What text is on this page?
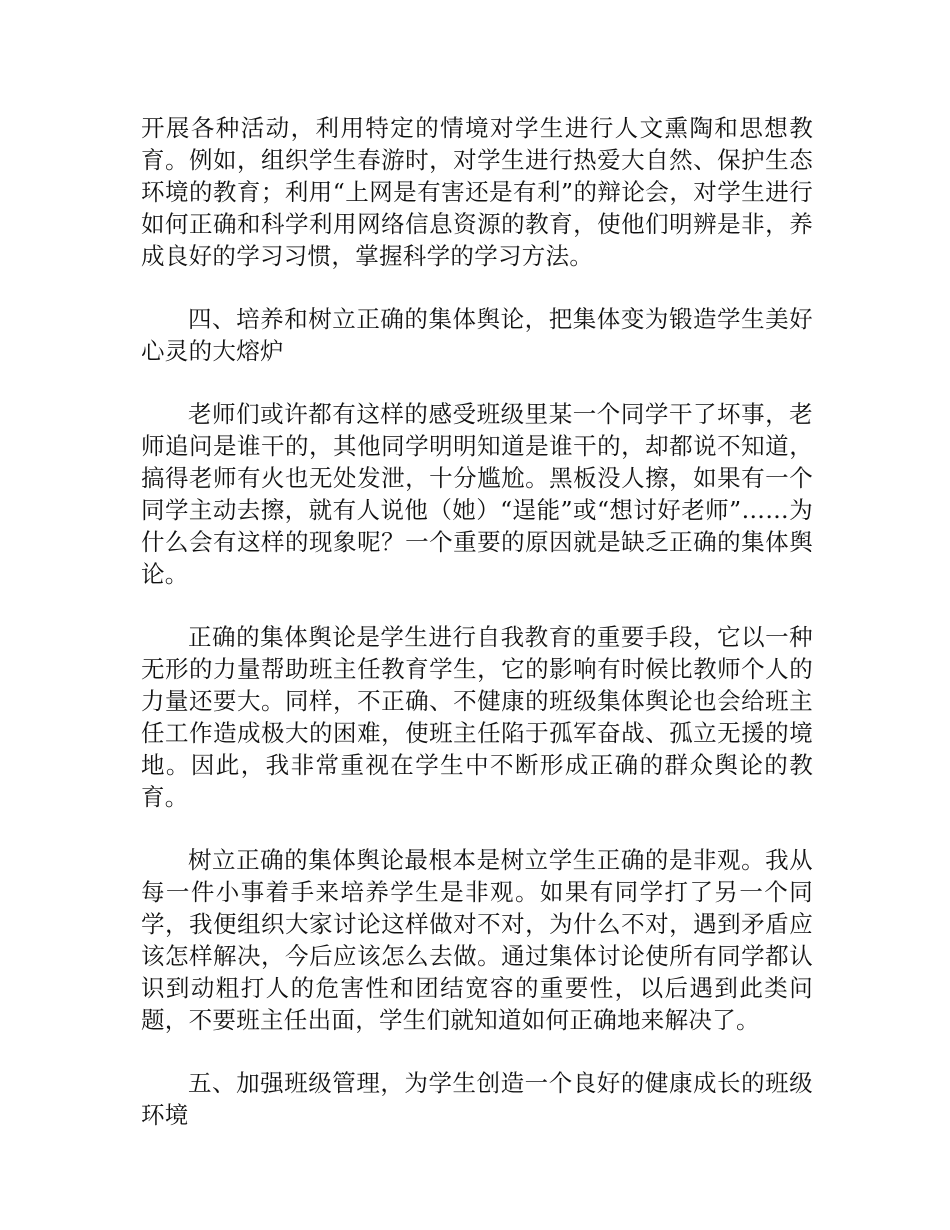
开展各种活动，利用特定的情境对学生进行人文熏陶和思想教育。例如，组织学生春游时，对学生进行热爱大自然、保护生态环境的教育；利用“上网是有害还是有利”的辩论会，对学生进行如何正确和科学利用网络信息资源的教育，使他们明辨是非，养成良好的学习习惯，掌握科学的学习方法。

四、培养和树立正确的集体舆论，把集体变为锻造学生美好心灵的大熔炉

老师们或许都有这样的感受班级里某一个同学干了坏事，老师追问是谁干的，其他同学明明知道是谁干的，却都说不知道，搞得老师有火也无处发泄，十分尴尬。黑板没人擦，如果有一个同学主动去擦，就有人说他（她）“逞能”或“想讨好老师”……为什么会有这样的现象呢？一个重要的原因就是缺乏正确的集体舆论。

正确的集体舆论是学生进行自我教育的重要手段，它以一种无形的力量帮助班主任教育学生，它的影响有时候比教师个人的力量还要大。同样，不正确、不健康的班级集体舆论也会给班主任工作造成极大的困难，使班主任陷于孤军奋战、孤立无援的境地。因此，我非常重视在学生中不断形成正确的群众舆论的教育。

树立正确的集体舆论最根本是树立学生正确的是非观。我从每一件小事着手来培养学生是非观。如果有同学打了另一个同学，我便组织大家讨论这样做对不对，为什么不对，遇到矛盾应该怎样解决，今后应该怎么去做。通过集体讨论使所有同学都认识到动粗打人的危害性和团结宽容的重要性，以后遇到此类问题，不要班主任出面，学生们就知道如何正确地来解决了。

五、加强班级管理，为学生创造一个良好的健康成长的班级环境
